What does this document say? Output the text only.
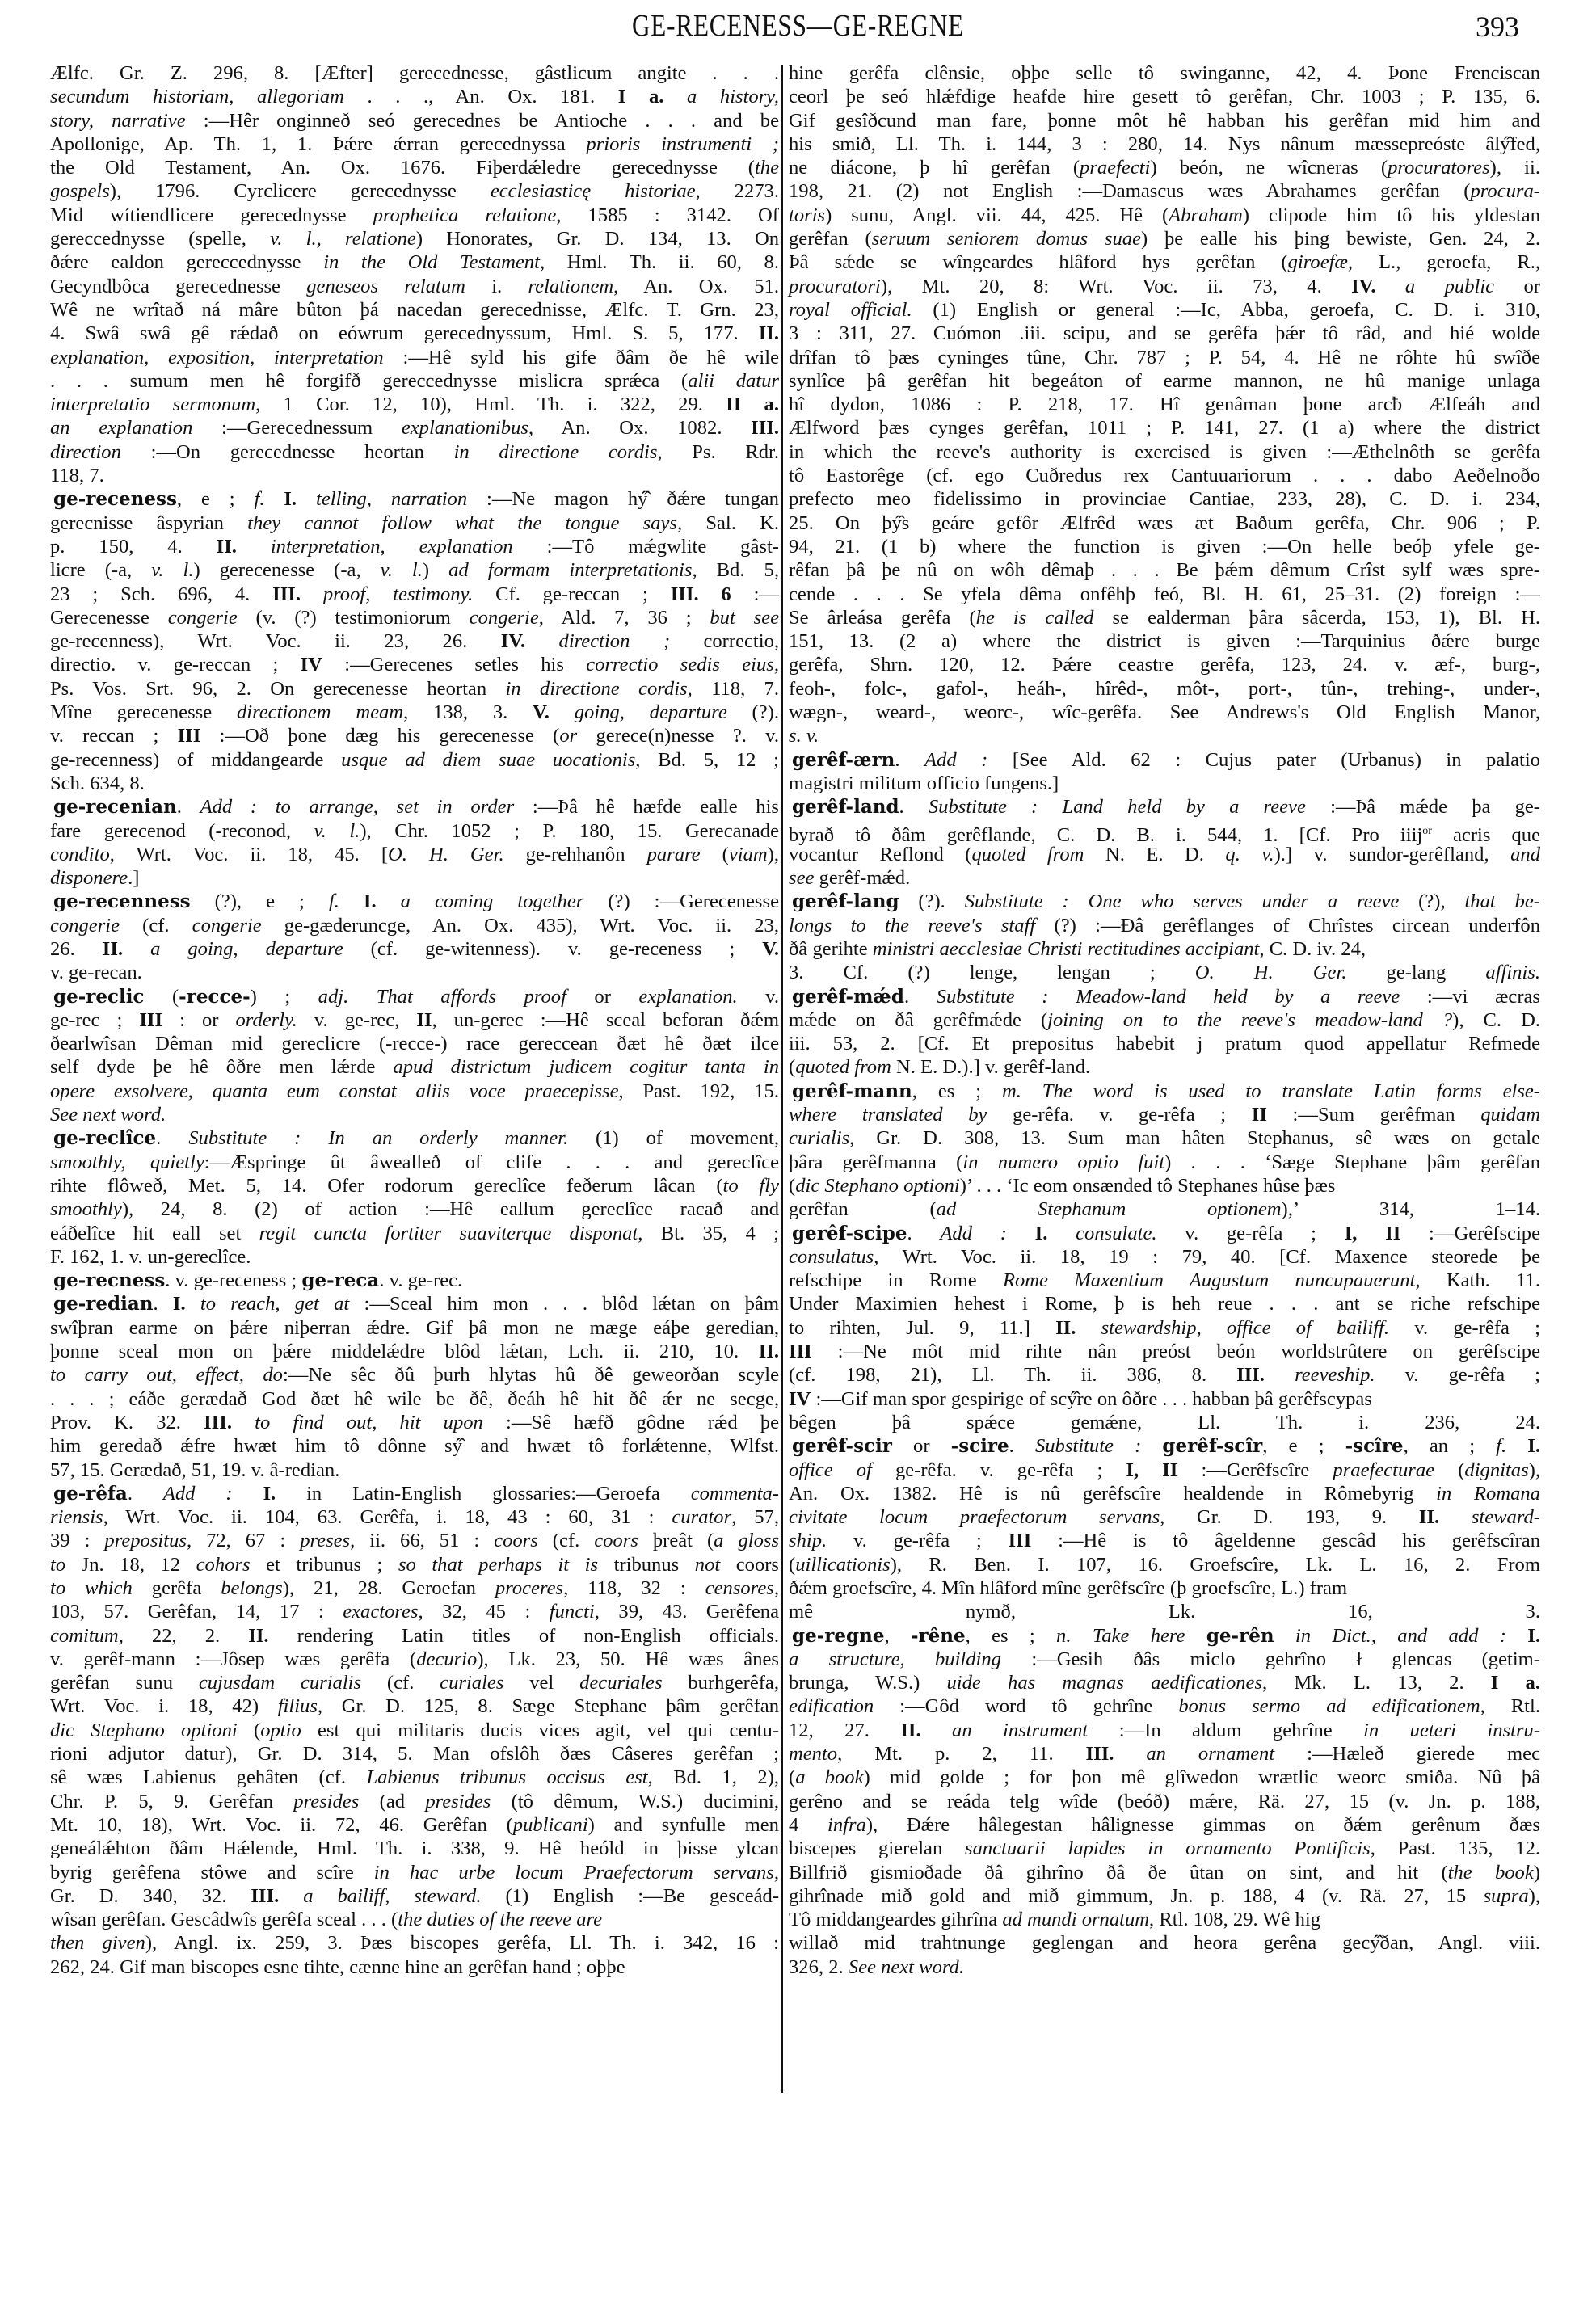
GE-RECENESS—GE-REGNE	393
Ælfc. Gr. Z. 296, 8. [Æfter] gerecednesse, gâstlicum angite . . .
secundum historiam, allegoriam . . ., An. Ox. 181. I a. a history,
story, narrative :—Hêr onginneð seó gerecednes be Antioche . . . and be
Apollonige, Ap. Th. 1, 1. Þǽre ǽrran gerecednyssa prioris instrumenti ;
the Old Testament, An. Ox. 1676. Fiþerdǽledre gerecednysse (the
gospels), 1796. Cyrclicere gerecednysse ecclesiasticę historiae, 2273.
Mid wítiendlicere gerecednysse prophetica relatione, 1585 : 3142. Of
gereccednysse (spelle, v. l., relatione) Honorates, Gr. D. 134, 13. On
ðǽre ealdon gereccednysse in the Old Testament, Hml. Th. ii. 60, 8.
Gecyndbôca gerecednesse geneseos relatum i. relationem, An. Ox. 51.
Wê ne wrîtað ná mâre bûton þá nacedan gerecednisse, Ælfc. T. Grn. 23,
4. Swâ swâ gê rǽdað on eówrum gerecednyssum, Hml. S. 5, 177. II.
explanation, exposition, interpretation :—Hê syld his gife ðâm ðe hê wile
. . . sumum men hê forgifð gereccednysse mislicra sprǽca (alii datur
interpretatio sermonum, 1 Cor. 12, 10), Hml. Th. i. 322, 29. II a.
an explanation :—Gerecednessum explanationibus, An. Ox. 1082. III.
direction :—On gerecednesse heortan in directione cordis, Ps. Rdr.
118, 7.
ge-receness, e ; f. I. telling, narration :—Ne magon hý̂ ðǽre tungan
gerecnisse âspyrian they cannot follow what the tongue says, Sal. K.
p. 150, 4. II. interpretation, explanation :—Tô mǽgwlite gâst-
licre (-a, v. l.) gerecenesse (-a, v. l.) ad formam interpretationis, Bd. 5,
23 ; Sch. 696, 4. III. proof, testimony. Cf. ge-reccan ; III. 6 :—
Gerecenesse congerie (v. (?) testimoniorum congerie, Ald. 7, 36 ; but see
ge-recenness), Wrt. Voc. ii. 23, 26. IV. direction ; correctio,
directio. v. ge-reccan ; IV :—Gerecenes setles his correctio sedis eius,
Ps. Vos. Srt. 96, 2. On gerecenesse heortan in directione cordis, 118, 7.
Mîne gerecenesse directionem meam, 138, 3. V. going, departure (?).
v. reccan ; III :—Oð þone dæg his gerecenesse (or gerece(n)nesse ?. v.
ge-recenness) of middangearde usque ad diem suae uocationis, Bd. 5, 12 ;
Sch. 634, 8.
ge-recenian. Add : to arrange, set in order :—Þâ hê hæfde ealle his
fare gerecenod (-reconod, v. l.), Chr. 1052 ; P. 180, 15. Gerecanade
condito, Wrt. Voc. ii. 18, 45. [O. H. Ger. ge-rehhanôn parare (viam),
disponere.]
ge-recenness (?), e ; f. I. a coming together (?) :—Gerecenesse
congerie (cf. congerie ge-gæderuncge, An. Ox. 435), Wrt. Voc. ii. 23,
26. II. a going, departure (cf. ge-witenness). v. ge-receness ; V.
v. ge-recan.
ge-reclic (-recce-) ; adj. That affords proof or explanation. v.
ge-rec ; III : or orderly. v. ge-rec, II, un-gerec :—Hê sceal beforan ðǽm
ðearlwîsan Dêman mid gereclicre (-recce-) race gereccean ðæt hê ðæt ilce
self dyde þe hê ôðre men lǽrde apud districtum judicem cogitur tanta in
opere exsolvere, quanta eum constat aliis voce praecepisse, Past. 192, 15.
See next word.
ge-reclîce. Substitute : In an orderly manner. (1) of movement,
smoothly, quietly:—Æspringe ût âwealleð of clife . . . and gereclîce
rihte flôweð, Met. 5, 14. Ofer rodorum gereclîce feðerum lâcan (to fly
smoothly), 24, 8. (2) of action :—Hê eallum gereclîce racað and
eáðelîce hit eall set regit cuncta fortiter suaviterque disponat, Bt. 35, 4 ;
F. 162, 1. v. un-gereclîce.
ge-recness. v. ge-receness ; ge-reca. v. ge-rec.
ge-redian. I. to reach, get at :—Sceal him mon . . . blôd lǽtan on þâm
swîþran earme on þǽre niþerran ǽdre. Gif þâ mon ne mæge eáþe geredian,
þonne sceal mon on þǽre middelǽdre blôd lǽtan, Lch. ii. 210, 10. II.
to carry out, effect, do:—Ne sêc ðû þurh hlytas hû ðê geweorðan scyle
. . . ; eáðe gerædað God ðæt hê wile be ðê, ðeáh hê hit ðê ǽr ne secge,
Prov. K. 32. III. to find out, hit upon :—Sê hæfð gôdne rǽd þe
him geredað ǽfre hwæt him tô dônne sý̂ and hwæt tô forlǽtenne, Wlfst.
57, 15. Gerædað, 51, 19. v. â-redian.
ge-rêfa. Add : I. in Latin-English glossaries:—Geroefa commenta-
riensis, Wrt. Voc. ii. 104, 63. Gerêfa, i. 18, 43 : 60, 31 : curator, 57,
39 : prepositus, 72, 67 : preses, ii. 66, 51 : coors (cf. coors þreât (a gloss
to Jn. 18, 12 cohors et tribunus ; so that perhaps it is tribunus not coors
to which gerêfa belongs), 21, 28. Geroefan proceres, 118, 32 : censores,
103, 57. Gerêfan, 14, 17 : exactores, 32, 45 : functi, 39, 43. Gerêfena
comitum, 22, 2. II. rendering Latin titles of non-English officials.
v. gerêf-mann :—Jôsep wæs gerêfa (decurio), Lk. 23, 50. Hê wæs ânes
gerêfan sunu cujusdam curialis (cf. curiales vel decuriales burhgerêfa,
Wrt. Voc. i. 18, 42) filius, Gr. D. 125, 8. Sæge Stephane þâm gerêfan
dic Stephano optioni (optio est qui militaris ducis vices agit, vel qui centu-
rioni adjutor datur), Gr. D. 314, 5. Man ofslôh ðæs Câseres gerêfan ;
sê wæs Labienus gehâten (cf. Labienus tribunus occisus est, Bd. 1, 2),
Chr. P. 5, 9. Gerêfan presides (ad presides (tô dêmum, W.S.) ducimini,
Mt. 10, 18), Wrt. Voc. ii. 72, 46. Gerêfan (publicani) and synfulle men
geneálǽhton ðâm Hǽlende, Hml. Th. i. 338, 9. Hê heóld in þisse ylcan
byrig gerêfena stôwe and scîre in hac urbe locum Praefectorum servans,
Gr. D. 340, 32. III. a bailiff, steward. (1) English :—Be gesceád-
wîsan gerêfan. Gescâdwîs gerêfa sceal . . . (the duties of the reeve are
then given), Angl. ix. 259, 3. Þæs biscopes gerêfa, Ll. Th. i. 342, 16 :
262, 24. Gif man biscopes esne tihte, cænne hine an gerêfan hand ; oþþe
hine gerêfa clênsie, oþþe selle tô swinganne, 42, 4. Þone Frenciscan
ceorl þe seó hlǽfdige heafde hire gesett tô gerêfan, Chr. 1003 ; P. 135, 6.
Gif gesîðcund man fare, þonne môt hê habban his gerêfan mid him and
his smið, Ll. Th. i. 144, 3 : 280, 14. Nys nânum mæssepreóste âlý̂fed,
ne diácone, þ hî gerêfan (praefecti) beón, ne wîcneras (procuratores), ii.
198, 21. (2) not English :—Damascus wæs Abrahames gerêfan (procura-
toris) sunu, Angl. vii. 44, 425. Hê (Abraham) clipode him tô his yldestan
gerêfan (seruum seniorem domus suae) þe ealle his þing bewiste, Gen. 24, 2.
Þâ sǽde se wîngeardes hlâford hys gerêfan (giroefæ, L., geroefa, R.,
procuratori), Mt. 20, 8: Wrt. Voc. ii. 73, 4. IV. a public or
royal official. (1) English or general :—Ic, Abba, geroefa, C. D. i. 310,
3 : 311, 27. Cuómon .iii. scipu, and se gerêfa þǽr tô râd, and hié wolde
drîfan tô þæs cyninges tûne, Chr. 787 ; P. 54, 4. Hê ne rôhte hû swîðe
synlîce þâ gerêfan hit begeáton of earme mannon, ne hû manige unlaga
hî dydon, 1086 : P. 218, 17. Hî genâman þone arcƀ Ælfeáh and
Ælfword þæs cynges gerêfan, 1011 ; P. 141, 27. (1 a) where the district
in which the reeve's authority is exercised is given :—Æthelnôth se gerêfa
tô Eastorêge (cf. ego Cuðredus rex Cantuuariorum . . . dabo Aeðelnoðo
prefecto meo fidelissimo in provinciae Cantiae, 233, 28), C. D. i. 234,
25. On þý̂s geáre gefôr Ælfrêd wæs æt Baðum gerêfa, Chr. 906 ; P.
94, 21. (1 b) where the function is given :—On helle beóþ yfele ge-
rêfan þâ þe nû on wôh dêmaþ . . . Be þǽm dêmum Crîst sylf wæs spre-
cende . . . Se yfela dêma onfêhþ feó, Bl. H. 61, 25–31. (2) foreign :—
Se ârleása gerêfa (he is called se ealderman þâra sâcerda, 153, 1), Bl. H.
151, 13. (2 a) where the district is given :—Tarquinius ðǽre burge
gerêfa, Shrn. 120, 12. Þǽre ceastre gerêfa, 123, 24. v. æf-, burg-,
feoh-, folc-, gafol-, heáh-, hîrêd-, môt-, port-, tûn-, trehing-, under-,
wægn-, weard-, weorc-, wîc-gerêfa. See Andrews's Old English Manor,
s. v.
gerêf-ærn. Add : [See Ald. 62 : Cujus pater (Urbanus) in palatio
magistri militum officio fungens.]
gerêf-land. Substitute : Land held by a reeve :—Þâ mǽde þa ge-
byrað tô ðâm gerêflande, C. D. B. i. 544, 1. [Cf. Pro iiij$^{or}$ acris que
vocantur Reflond (quoted from N. E. D. q. v.).] v. sundor-gerêfland, and
see gerêf-mǽd.
gerêf-lang (?). Substitute : One who serves under a reeve (?), that be-
longs to the reeve's staff (?) :—Ðâ gerêflanges of Chrîstes circean underfôn
ðâ gerihte ministri aecclesiae Christi rectitudines accipiant, C. D. iv. 24,
3. Cf. (?) lenge, lengan ; O. H. Ger. ge-lang affinis.
gerêf-mǽd. Substitute : Meadow-land held by a reeve :—vi æcras
mǽde on ðâ gerêfmǽde (joining on to the reeve's meadow-land ?), C. D.
iii. 53, 2. [Cf. Et prepositus habebit j pratum quod appellatur Refmede
(quoted from N. E. D.).] v. gerêf-land.
gerêf-mann, es ; m. The word is used to translate Latin forms else-
where translated by ge-rêfa. v. ge-rêfa ; II :—Sum gerêfman quidam
curialis, Gr. D. 308, 13. Sum man hâten Stephanus, sê wæs on getale
þâra gerêfmanna (in numero optio fuit) . . . ‘Sæge Stephane þâm gerêfan
(dic Stephano optioni)’ . . . ‘Ic eom onsænded tô Stephanes hûse þæs
gerêfan (ad Stephanum optionem),’ 314, 1–14.
gerêf-scipe. Add : I. consulate. v. ge-rêfa ; I, II :—Gerêfscipe
consulatus, Wrt. Voc. ii. 18, 19 : 79, 40. [Cf. Maxence steorede þe
refschipe in Rome Rome Maxentium Augustum nuncupauerunt, Kath. 11.
Under Maximien hehest i Rome, þ is heh reue . . . ant se riche refschipe
to rihten, Jul. 9, 11.] II. stewardship, office of bailiff. v. ge-rêfa ;
III :—Ne môt mid rihte nân preóst beón worldstrûtere on gerêfscipe
(cf. 198, 21), Ll. Th. ii. 386, 8. III. reeveship. v. ge-rêfa ;
IV :—Gif man spor gespirige of scý̂re on ôðre . . . habban þâ gerêfscypas
bêgen þâ spǽce gemǽne, Ll. Th. i. 236, 24.
gerêf-scir or -scire. Substitute : gerêf-scîr, e ; -scîre, an ; f. I.
office of ge-rêfa. v. ge-rêfa ; I, II :—Gerêfscîre praefecturae (dignitas),
An. Ox. 1382. Hê is nû gerêfscîre healdende in Rômebyrig in Romana
civitate locum praefectorum servans, Gr. D. 193, 9. II. steward-
ship. v. ge-rêfa ; III :—Hê is tô âgeldenne gescâd his gerêfscîran
(uillicationis), R. Ben. I. 107, 16. Groefscîre, Lk. L. 16, 2. From
ðǽm groefscîre, 4. Mîn hlâford mîne gerêfscîre (þ groefscîre, L.) fram
mê nymð, Lk. 16, 3.
ge-regne, -rêne, es ; n. Take here ge-rên in Dict., and add : I.
a structure, building :—Gesih ðâs miclo gehrîno ł glencas (getim-
brunga, W.S.) uide has magnas aedificationes, Mk. L. 13, 2. I a.
edification :—Gôd word tô gehrîne bonus sermo ad edificationem, Rtl.
12, 27. II. an instrument :—In aldum gehrîne in ueteri instru-
mento, Mt. p. 2, 11. III. an ornament :—Hæleð gierede mec
(a book) mid golde ; for þon mê glîwedon wrætlic weorc smiða. Nû þâ
gerêno and se reáda telg wîde (beóð) mǽre, Rä. 27, 15 (v. Jn. p. 188,
4 infra), Ðǽre hâlegestan hâlignesse gimmas on ðǽm gerênum ðæs
biscepes gierelan sanctuarii lapides in ornamento Pontificis, Past. 135, 12.
Billfrið gismioðade ðâ gihrîno ðâ ðe ûtan on sint, and hit (the book)
gihrînade mið gold and mið gimmum, Jn. p. 188, 4 (v. Rä. 27, 15 supra),
Tô middangeardes gihrîna ad mundi ornatum, Rtl. 108, 29. Wê hig
willað mid trahtnunge geglengan and heora gerêna gecý̂ðan, Angl. viii.
326, 2. See next word.
